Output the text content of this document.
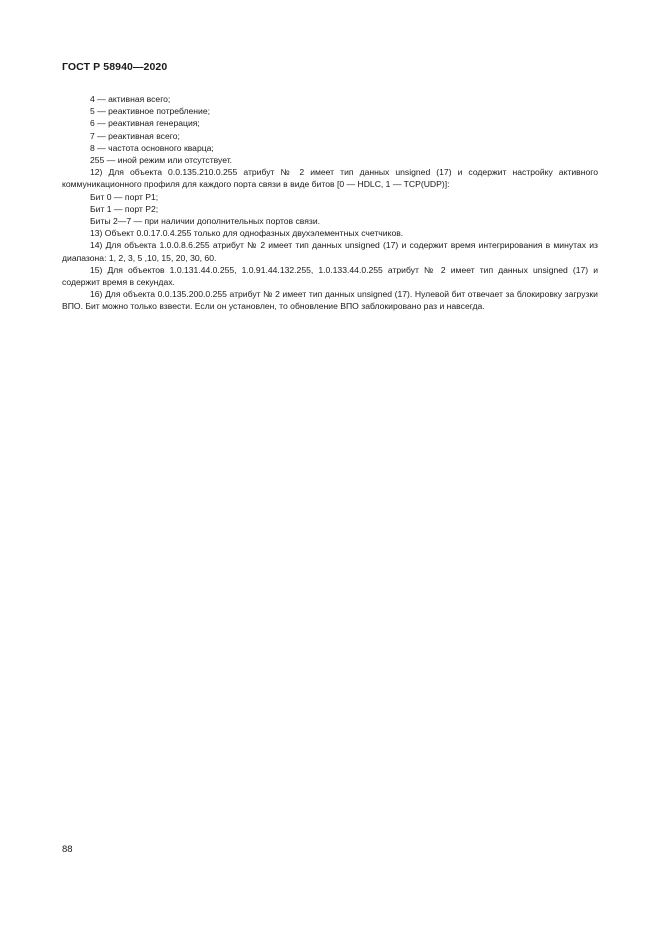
ГОСТ Р 58940—2020

4 — активная всего;

5 — реактивное потребление;

6 — реактивная генерация;

7 — реактивная всего;

8 — частота основного кварца;

255 — иной режим или отсутствует.

12) Для объекта 0.0.135.210.0.255 атрибут № 2 имеет тип данных unsigned (17) и содержит настройку активного коммуникационного профиля для каждого порта связи в виде битов [0 — HDLC, 1 — TCP(UDP)]:

Бит 0 — порт P1;

Бит 1 — порт P2;

Биты 2—7 — при наличии дополнительных портов связи.

13) Объект 0.0.17.0.4.255 только для однофазных двухэлементных счетчиков.

14) Для объекта 1.0.0.8.6.255 атрибут № 2 имеет тип данных unsigned (17) и содержит время интегрирования в минутах из диапазона: 1, 2, 3, 5 ,10, 15, 20, 30, 60.

15) Для объектов 1.0.131.44.0.255, 1.0.91.44.132.255, 1.0.133.44.0.255 атрибут № 2 имеет тип данных unsigned (17) и содержит время в секундах.

16) Для объекта 0.0.135.200.0.255 атрибут № 2 имеет тип данных unsigned (17). Нулевой бит отвечает за блокировку загрузки ВПО. Бит можно только взвести. Если он установлен, то обновление ВПО заблокировано раз и навсегда.

88
